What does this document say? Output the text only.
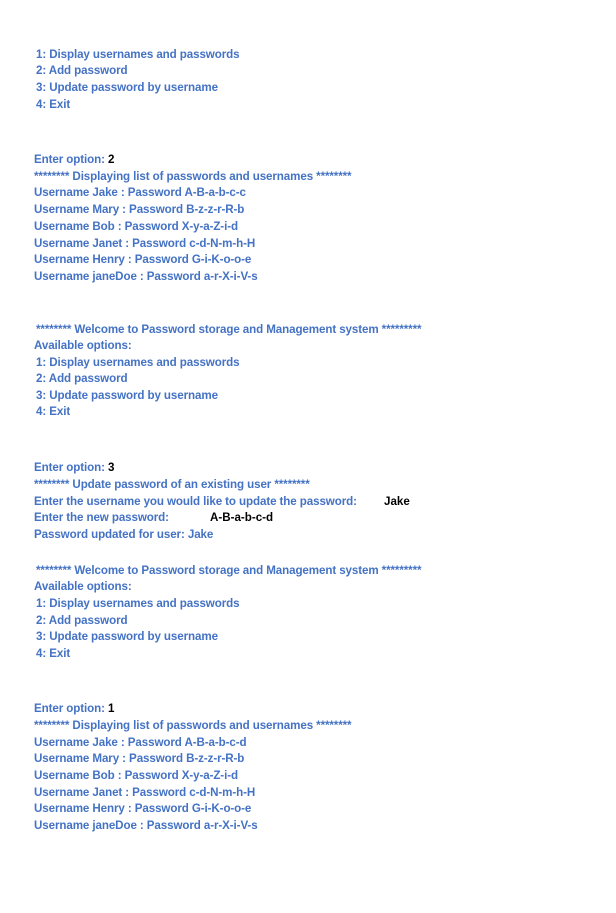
1: Display usernames and passwords
2: Add password
3: Update password by username
4: Exit
Enter option: 2
******** Displaying list of passwords and usernames ********
Username Jake : Password A-B-a-b-c-c
Username Mary : Password B-z-z-r-R-b
Username Bob : Password X-y-a-Z-i-d
Username Janet : Password c-d-N-m-h-H
Username Henry : Password G-i-K-o-o-e
Username janeDoe : Password a-r-X-i-V-s
******** Welcome to Password storage and Management system *********
Available options:
1: Display usernames and passwords
2: Add password
3: Update password by username
4: Exit
Enter option: 3
******** Update password of an existing user ********
Enter the username you would like to update the password: Jake
Enter the new password:	A-B-a-b-c-d
Password updated for user: Jake
******** Welcome to Password storage and Management system *********
Available options:
1: Display usernames and passwords
2: Add password
3: Update password by username
4: Exit
Enter option: 1
******** Displaying list of passwords and usernames ********
Username Jake : Password A-B-a-b-c-d
Username Mary : Password B-z-z-r-R-b
Username Bob : Password X-y-a-Z-i-d
Username Janet : Password c-d-N-m-h-H
Username Henry : Password G-i-K-o-o-e
Username janeDoe : Password a-r-X-i-V-s
